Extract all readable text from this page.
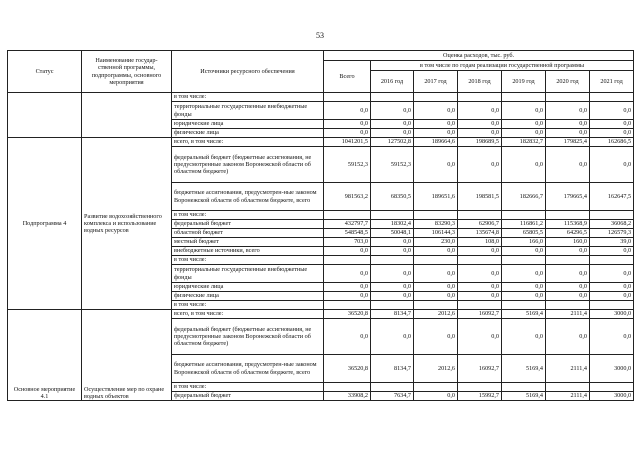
53
Статус	Наименование государ-ственной программы, подпрограммы, основного мероприятия	Источники ресурсного обеспечения	Оценка расходов, тыс. руб.							
			Всего	в том числе по годам реализации государственной программы						
				2016 год	2017 год	2018 год	2019 год	2020 год	2021 год	
		в том числе:								
		территориальные государственные внебюджетные фонды	0,0	0,0	0,0	0,0	0,0	0,0	0,0	
		юридические лица	0,0	0,0	0,0	0,0	0,0	0,0	0,0	
		физические лица	0,0	0,0	0,0	0,0	0,0	0,0	0,0	
Подпрограмма 4	Развитие водохозяйственного комплекса и использование водных ресурсов	всего, в том числе:	1041201,5	127502,8	189664,6	198689,5	182832,7	179825,4	162686,5	
		федеральный бюджет (бюджетные ассигнования, не предусмотренные законом Воронежской области об областном бюджете)	59152,3	59152,3	0,0	0,0	0,0	0,0	0,0	
		бюджетные ассигнования, предусмотрен-ные законом Воронежской области об областном бюджете, всего	981563,2	68350,5	189651,6	198581,5	182666,7	179665,4	162647,5	
		в том числе:								
		федеральный бюджет	432797,7	18302,4	83290,3	62906,7	116861,2	115368,9	36068,2	
		областной бюджет	548548,5	50048,1	106144,3	135674,8	65805,5	64296,5	126579,3	
		местный бюджет	703,0	0,0	230,0	108,0	166,0	160,0	39,0	
		внебюджетные источники, всего	0,0	0,0	0,0	0,0	0,0	0,0	0,0	
		в том числе:								
		территориальные государственные внебюджетные фонды	0,0	0,0	0,0	0,0	0,0	0,0	0,0	
		юридические лица	0,0	0,0	0,0	0,0	0,0	0,0	0,0	
		физические лица	0,0	0,0	0,0	0,0	0,0	0,0	0,0	
		в том числе:									
Основное мероприятие 4.1	Осуществление мер по охране водных объектов	всего, в том числе:	36520,8	8134,7	2012,6	16092,7	5169,4	2111,4	3000,0	
		федеральный бюджет (бюджетные ассигнования, не предусмотренные законом Воронежской области об областном бюджете)	0,0	0,0	0,0	0,0	0,0	0,0	0,0	
		бюджетные ассигнования, предусмотрен-ные законом Воронежской области об областном бюджете, всего	36520,8	8134,7	2012,6	16092,7	5169,4	2111,4	3000,0	
		в том числе:								
		федеральный бюджет	33908,2	7634,7	0,0	15992,7	5169,4	2111,4	3000,0	
